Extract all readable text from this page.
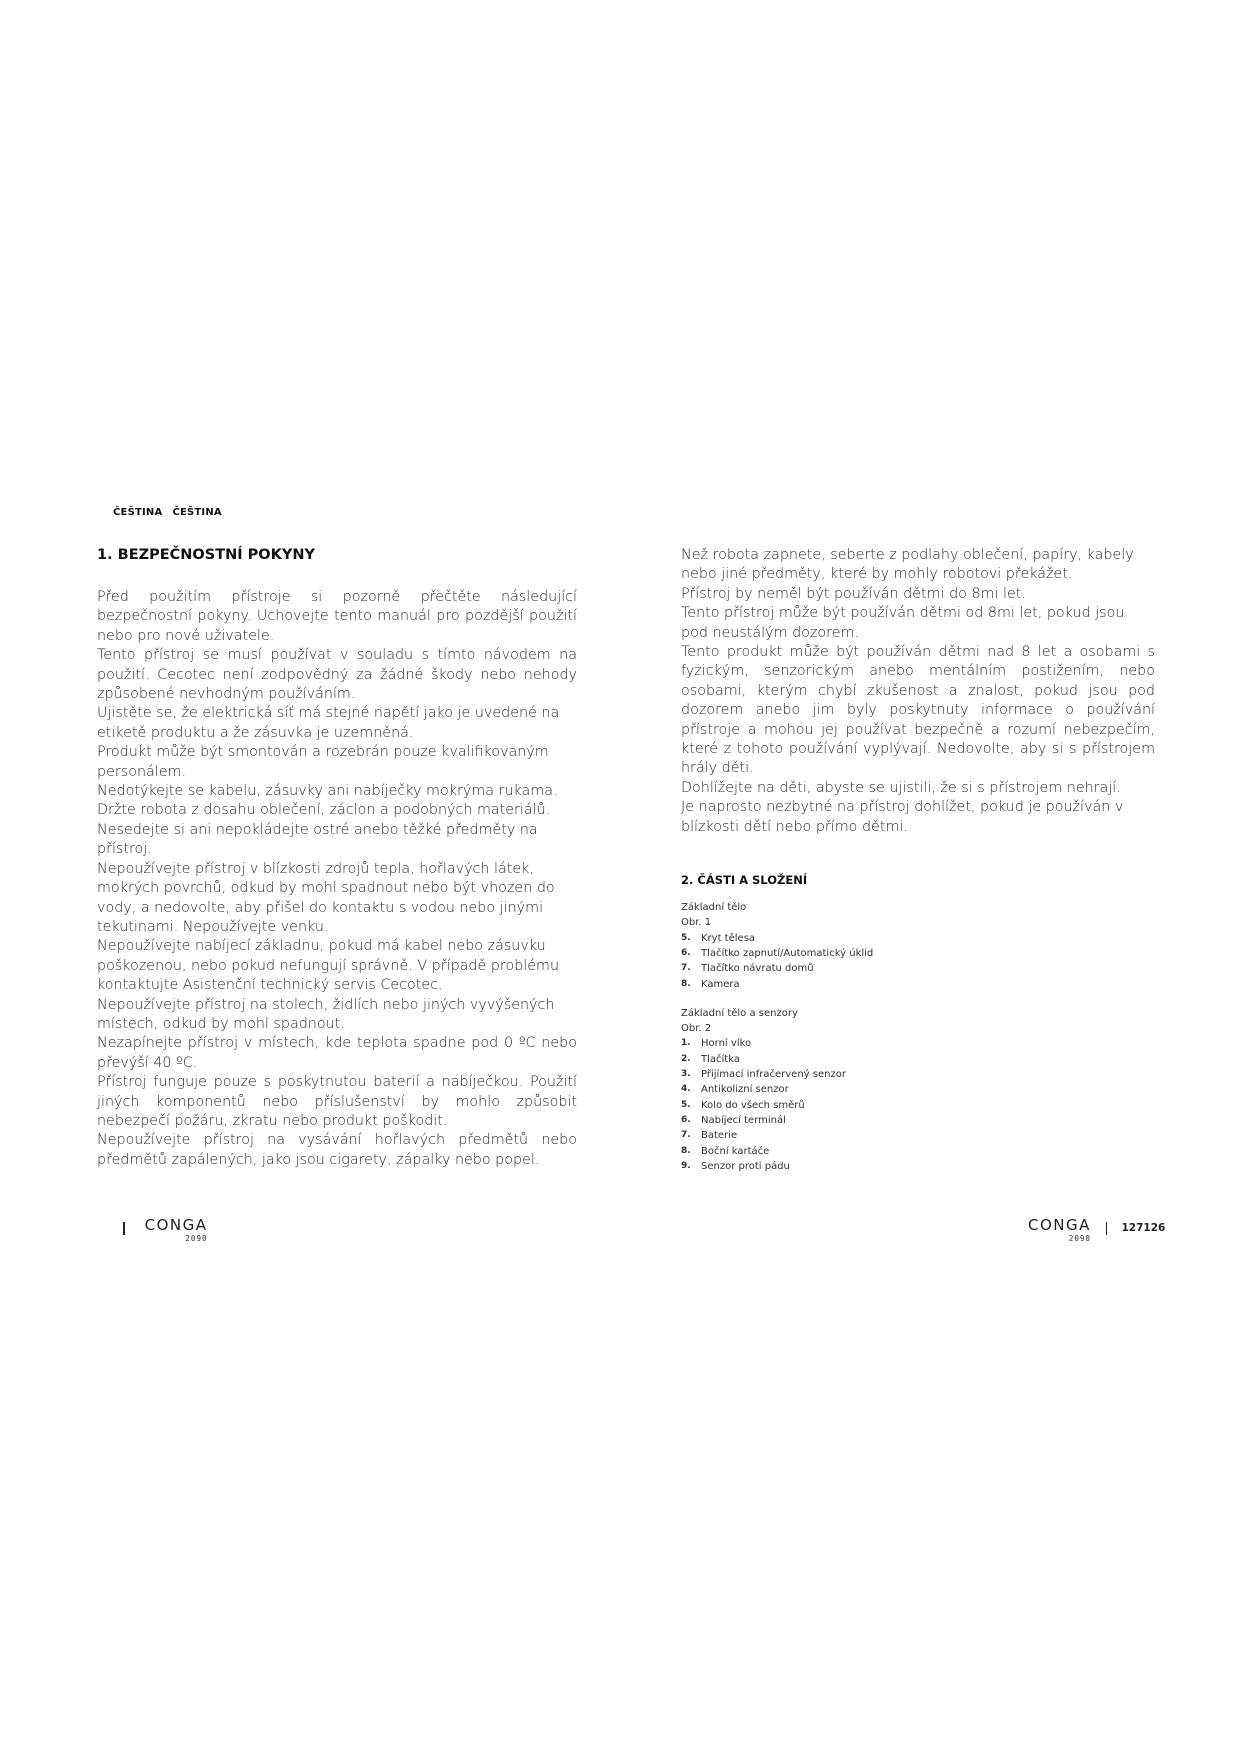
ČEŠTINA ČEŠTINA
1. BEZPEČNOSTNÍ POKYNY

Před použitím přístroje si pozorně přečtěte následující bezpečnostní pokyny. Uchovejte tento manuál pro pozdější použití nebo pro nové uživatele.

Tento přístroj se musí používat v souladu s tímto návodem na použití. Cecotec není zodpovědný za žádné škody nebo nehody způsobené nevhodným používáním.

Ujistěte se, že elektrická síť má stejné napětí jako je uvedené na etiketě produktu a že zásuvka je uzemněná.

Produkt může být smontován a rozebrán pouze kvalifikovaným personálem.

Nedotýkejte se kabelu, zásuvky ani nabíječky mokrýma rukama.

Držte robota z dosahu oblečení, záclon a podobných materiálů.

Nesedejte si ani nepokládejte ostré anebo těžké předměty na přístroj.

Nepoužívejte přístroj v blízkosti zdrojů tepla, hořlavých látek, mokrých povrchů, odkud by mohl spadnout nebo být vhozen do vody, a nedovolte, aby přišel do kontaktu s vodou nebo jinými tekutinami. Nepoužívejte venku.

Nepoužívejte nabíjecí základnu, pokud má kabel nebo zásuvku poškozenou, nebo pokud nefungují správně. V případě problému kontaktujte Asistenční technický servis Cecotec.

Nepoužívejte přístroj na stolech, židlích nebo jiných vyvýšených místech, odkud by mohl spadnout.

Nezapínejte přístroj v místech, kde teplota spadne pod 0 ºC nebo převýší 40 ºC.

Přístroj funguje pouze s poskytnutou baterií a nabíječkou. Použití jiných komponentů nebo příslušenství by mohlo způsobit nebezpečí požáru, zkratu nebo produkt poškodit.

Nepoužívejte přístroj na vysávání hořlavých předmětů nebo předmětů zapálených, jako jsou cigarety, zápalky nebo popel.

Než robota zapnete, seberte z podlahy oblečení, papíry, kabely nebo jiné předměty, které by mohly robotovi překážet.

Přístroj by neměl být používán dětmi do 8mi let.

Tento přístroj může být používán dětmi od 8mi let, pokud jsou pod neustálým dozorem.

Tento produkt může být používán dětmi nad 8 let a osobami s fyzickým, senzorickým anebo mentálním postižením, nebo osobami, kterým chybí zkušenost a znalost, pokud jsou pod dozorem anebo jim byly poskytnuty informace o používání přístroje a mohou jej používat bezpečně a rozumí nebezpečím, které z tohoto používání vyplývají. Nedovolte, aby si s přístrojem hrály děti.

Dohlížejte na děti, abyste se ujistili, že si s přístrojem nehrají.

Je naprosto nezbytné na přístroj dohlížet, pokud je používán v blízkosti dětí nebo přímo dětmi.

2. ČÁSTI A SLOŽENÍ
Základní tělo
Obr. 1
5.	Kryt tělesa
6.	Tlačítko zapnutí/Automatický úklid
7.	Tlačítko návratu domů
8.	Kamera
Základní tělo a senzory
Obr. 2
1.	Horní víko
2.	Tlačítka
3.	Přijímací infračervený senzor
4.	Antikolizní senzor
5.	Kolo do všech směrů
6.	Nabíjecí terminál
7.	Baterie
8.	Boční kartáče
9.	Senzor proti pádu
CONGA
2090
CONGA
2090
127126
